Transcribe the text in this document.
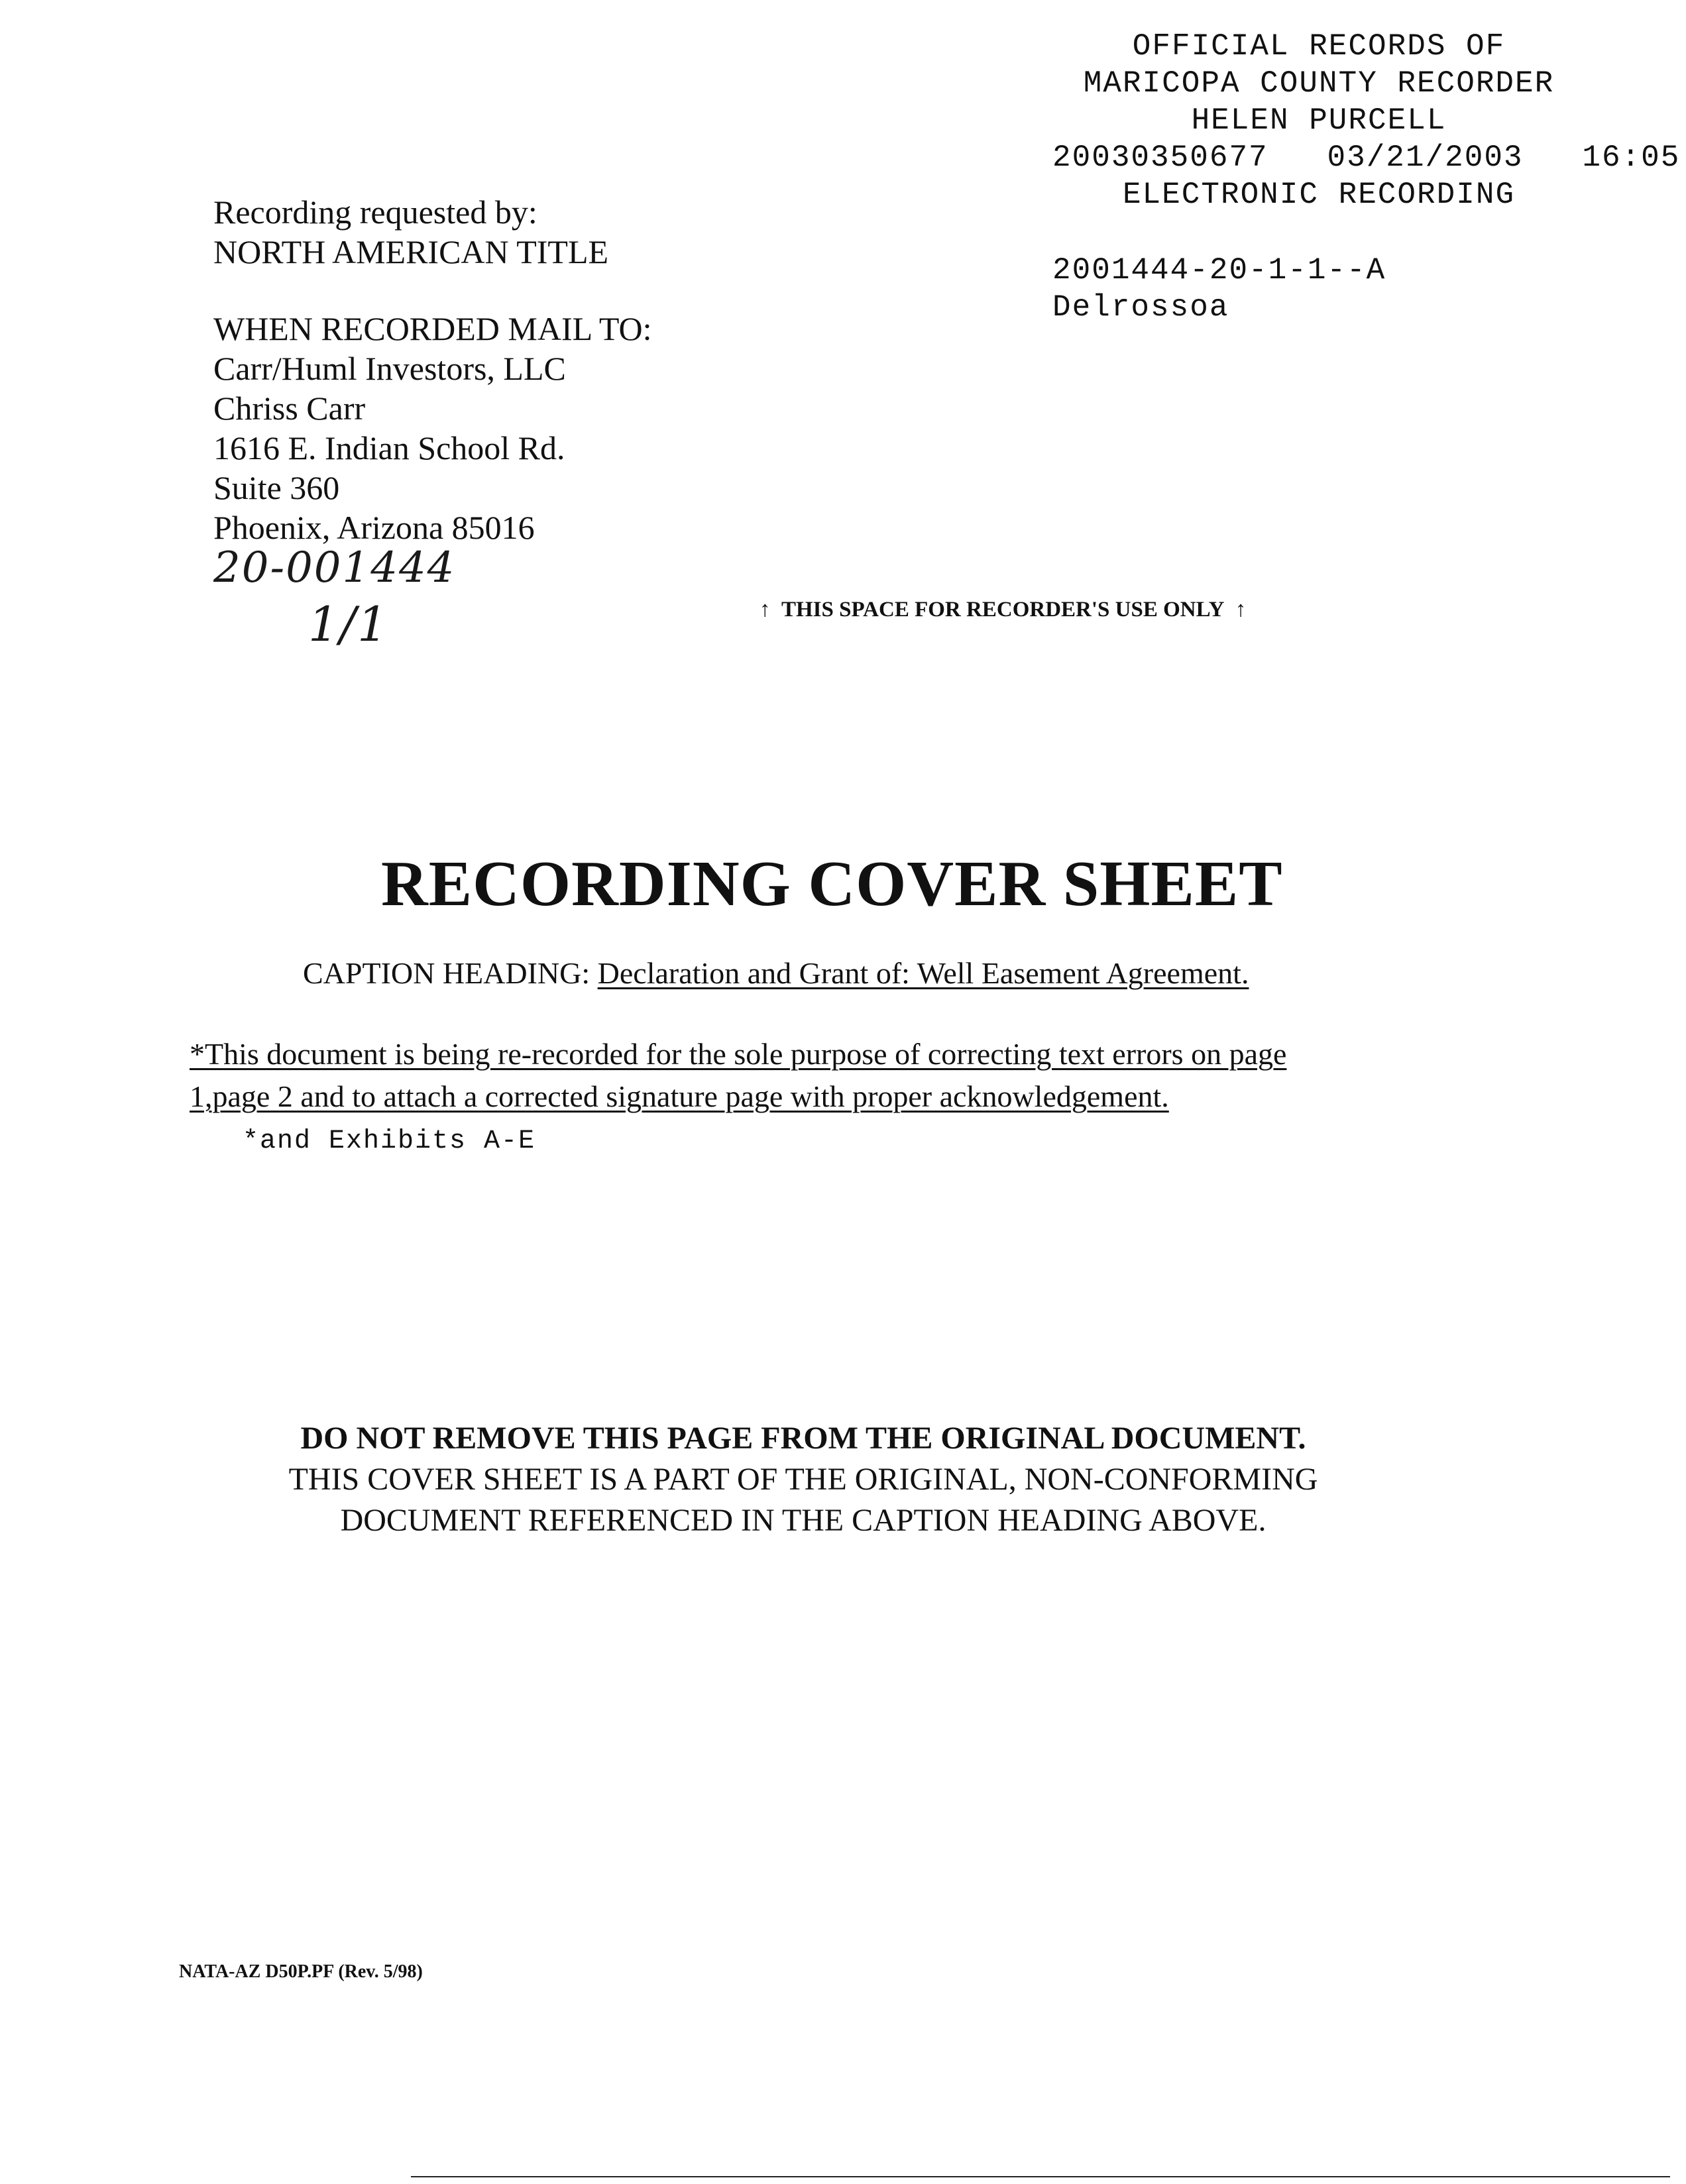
OFFICIAL RECORDS OF
MARICOPA COUNTY RECORDER
HELEN PURCELL
20030350677 03/21/2003 16:05
ELECTRONIC RECORDING
2001444-20-1-1--A
Delrossoa
Recording requested by:
NORTH AMERICAN TITLE
WHEN RECORDED MAIL TO:
Carr/Huml Investors, LLC
Chriss Carr
1616 E. Indian School Rd.
Suite 360
Phoenix, Arizona 85016
20-001444
1/1	↑ THIS SPACE FOR RECORDER'S USE ONLY ↑
RECORDING COVER SHEET
CAPTION HEADING: Declaration and Grant of: Well Easement Agreement.
*This document is being re-recorded for the sole purpose of correcting text errors on page
1,page 2 and to attach a corrected signature page with proper acknowledgement.
*and Exhibits A-E
DO NOT REMOVE THIS PAGE FROM THE ORIGINAL DOCUMENT.
THIS COVER SHEET IS A PART OF THE ORIGINAL, NON-CONFORMING
DOCUMENT REFERENCED IN THE CAPTION HEADING ABOVE.
NATA-AZ D50P.PF (Rev. 5/98)
